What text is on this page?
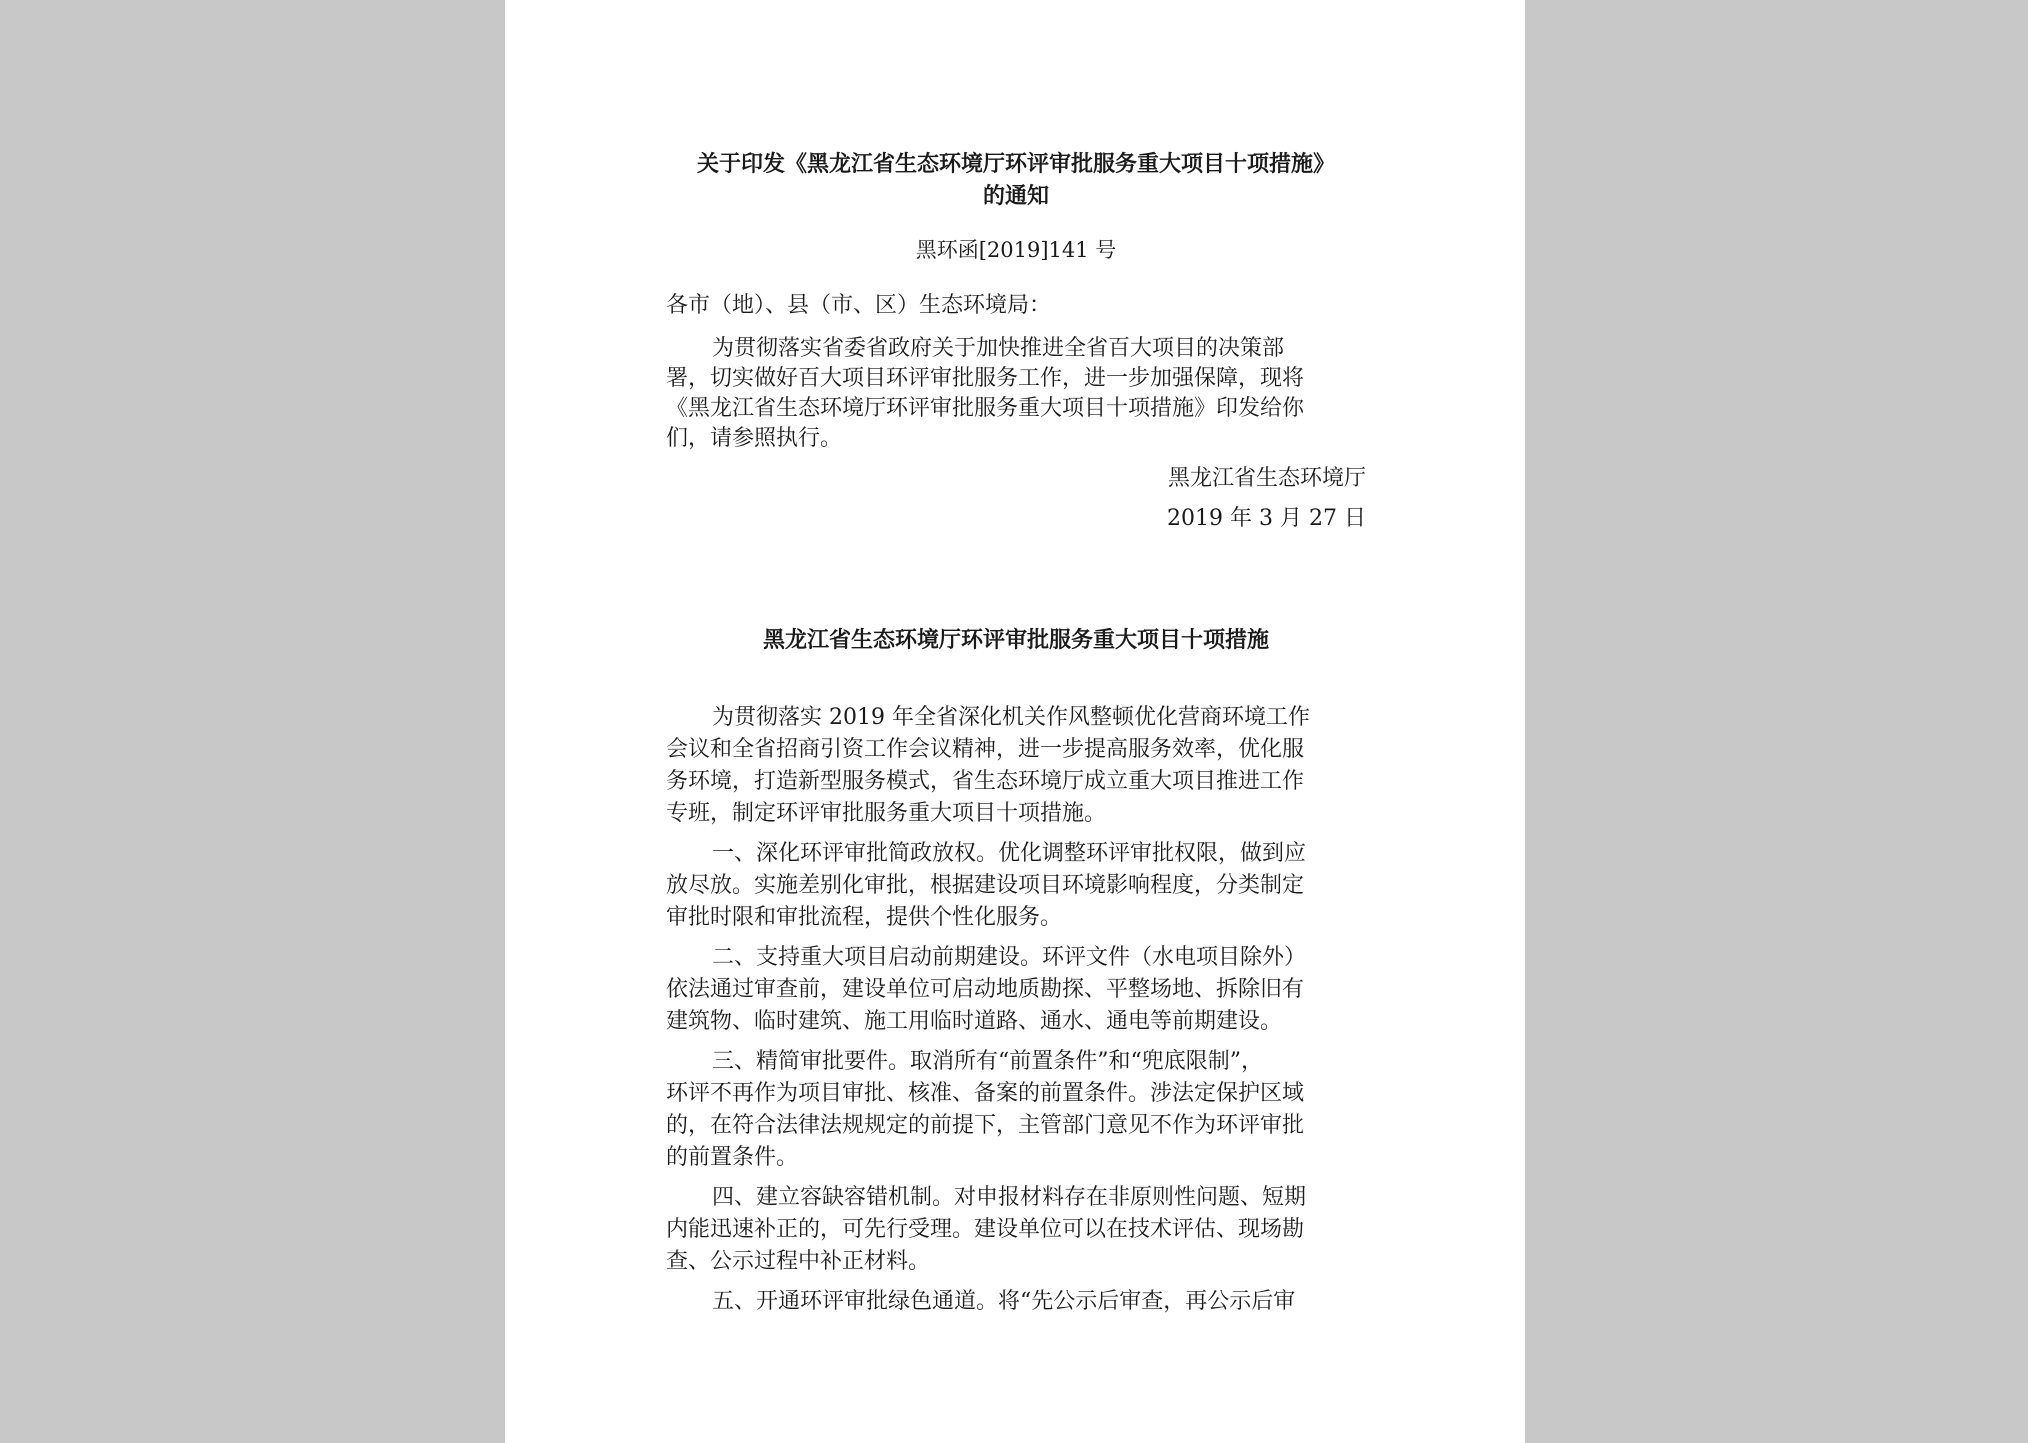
关于印发《黑龙江省生态环境厅环评审批服务重大项目十项措施》
的通知
黑环函[2019]141 号
各市（地）、县（市、区）生态环境局：
为贯彻落实省委省政府关于加快推进全省百大项目的决策部
署，切实做好百大项目环评审批服务工作，进一步加强保障，现将
《黑龙江省生态环境厅环评审批服务重大项目十项措施》印发给你
们，请参照执行。
黑龙江省生态环境厅
2019 年 3 月 27 日
黑龙江省生态环境厅环评审批服务重大项目十项措施
为贯彻落实 2019 年全省深化机关作风整顿优化营商环境工作
会议和全省招商引资工作会议精神，进一步提高服务效率，优化服
务环境，打造新型服务模式，省生态环境厅成立重大项目推进工作
专班，制定环评审批服务重大项目十项措施。
一、深化环评审批简政放权。优化调整环评审批权限，做到应
放尽放。实施差别化审批，根据建设项目环境影响程度，分类制定
审批时限和审批流程，提供个性化服务。
二、支持重大项目启动前期建设。环评文件（水电项目除外）
依法通过审查前，建设单位可启动地质勘探、平整场地、拆除旧有
建筑物、临时建筑、施工用临时道路、通水、通电等前期建设。
三、精简审批要件。取消所有“前置条件”和“兜底限制”，
环评不再作为项目审批、核准、备案的前置条件。涉法定保护区域
的，在符合法律法规规定的前提下，主管部门意见不作为环评审批
的前置条件。
四、建立容缺容错机制。对申报材料存在非原则性问题、短期
内能迅速补正的，可先行受理。建设单位可以在技术评估、现场勘
查、公示过程中补正材料。
五、开通环评审批绿色通道。将“先公示后审查，再公示后审
